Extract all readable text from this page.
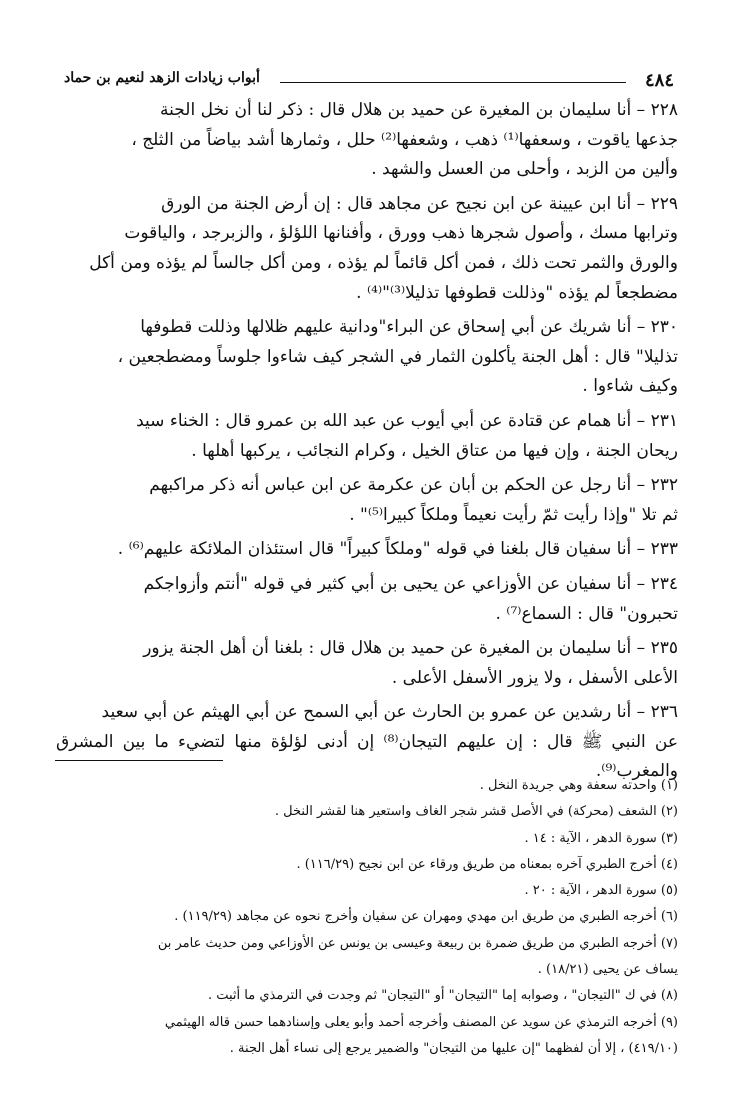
٤٨٤
أبواب زيادات الزهد لنعيم بن حماد

٢٢٨ – أنا سليمان بن المغيرة عن حميد بن هلال قال : ذكر لنا أن نخل الجنة
جذعها ياقوت ، وسعفها⁽¹⁾ ذهب ، وشعفها⁽²⁾ حلل ، وثمارها أشد بياضاً من الثلج ،
وألين من الزبد ، وأحلى من العسل والشهد .

٢٢٩ – أنا ابن عيينة عن ابن نجيح عن مجاهد قال : إن أرض الجنة من الورق
وترابها مسك ، وأصول شجرها ذهب وورق ، وأفنانها اللؤلؤ ، والزبرجد ، والياقوت
والورق والثمر تحت ذلك ، فمن أكل قائماً لم يؤذه ، ومن أكل جالساً لم يؤذه ومن أكل
مضطجعاً لم يؤذه "وذللت قطوفها تذليلا⁽³⁾"⁽⁴⁾ .

٢٣٠ – أنا شريك عن أبي إسحاق عن البراء"ودانية عليهم ظلالها وذللت قطوفها
تذليلا" قال : أهل الجنة يأكلون الثمار في الشجر كيف شاءوا جلوساً ومضطجعين ،
وكيف شاءوا .

٢٣١ – أنا همام عن قتادة عن أبي أيوب عن عبد الله بن عمرو قال : الخناء سيد
ريحان الجنة ، وإن فيها من عتاق الخيل ، وكرام النجائب ، يركبها أهلها .

٢٣٢ – أنا رجل عن الحكم بن أبان عن عكرمة عن ابن عباس أنه ذكر مراكبهم
ثم تلا "وإذا رأيت ثمّ رأيت نعيماً وملكاً كبيرا⁽⁵⁾" .

٢٣٣ – أنا سفيان قال بلغنا في قوله "وملكاً كبيراً" قال استئذان الملائكة عليهم⁽⁶⁾ .

٢٣٤ – أنا سفيان عن الأوزاعي عن يحيى بن أبي كثير في قوله "أنتم وأزواجكم
تحبرون" قال : السماع⁽⁷⁾ .

٢٣٥ – أنا سليمان بن المغيرة عن حميد بن هلال قال : بلغنا أن أهل الجنة يزور
الأعلى الأسفل ، ولا يزور الأسفل الأعلى .

٢٣٦ – أنا رشدين عن عمرو بن الحارث عن أبي السمح عن أبي الهيثم عن أبي سعيد
عن النبي ﷺ قال : إن عليهم التيجان⁽⁸⁾ إن أدنى لؤلؤة منها لتضيء ما بين المشرق والمغرب⁽⁹⁾.

(١) واحدته سعفة وهي جريدة النخل .

(٢) الشعف (محركة) في الأصل قشر شجر الغاف واستعير هنا لقشر النخل .

(٣) سورة الدهر ، الآية : ١٤ .

(٤) أخرج الطبري آخره بمعناه من طريق ورقاء عن ابن نجيح (١١٦/٢٩) .

(٥) سورة الدهر ، الآية : ٢٠ .

(٦) أخرجه الطبري من طريق ابن مهدي ومهران عن سفيان وأخرج نحوه عن مجاهد (١١٩/٢٩) .

(٧) أخرجه الطبري من طريق ضمرة بن ربيعة وعيسى بن يونس عن الأوزاعي ومن حديث عامر بن
يساف عن يحيى (١٨/٢١) .

(٨) في ك "التيجان" ، وصوابه إما "التيجان" أو "التيجان" ثم وجدت في الترمذي ما أثبت .

(٩) أخرجه الترمذي عن سويد عن المصنف وأخرجه أحمد وأبو يعلى وإسنادهما حسن قاله الهيثمي
(٤١٩/١٠) ، إلا أن لفظهما "إن عليها من التيجان" والضمير يرجع إلى نساء أهل الجنة .
